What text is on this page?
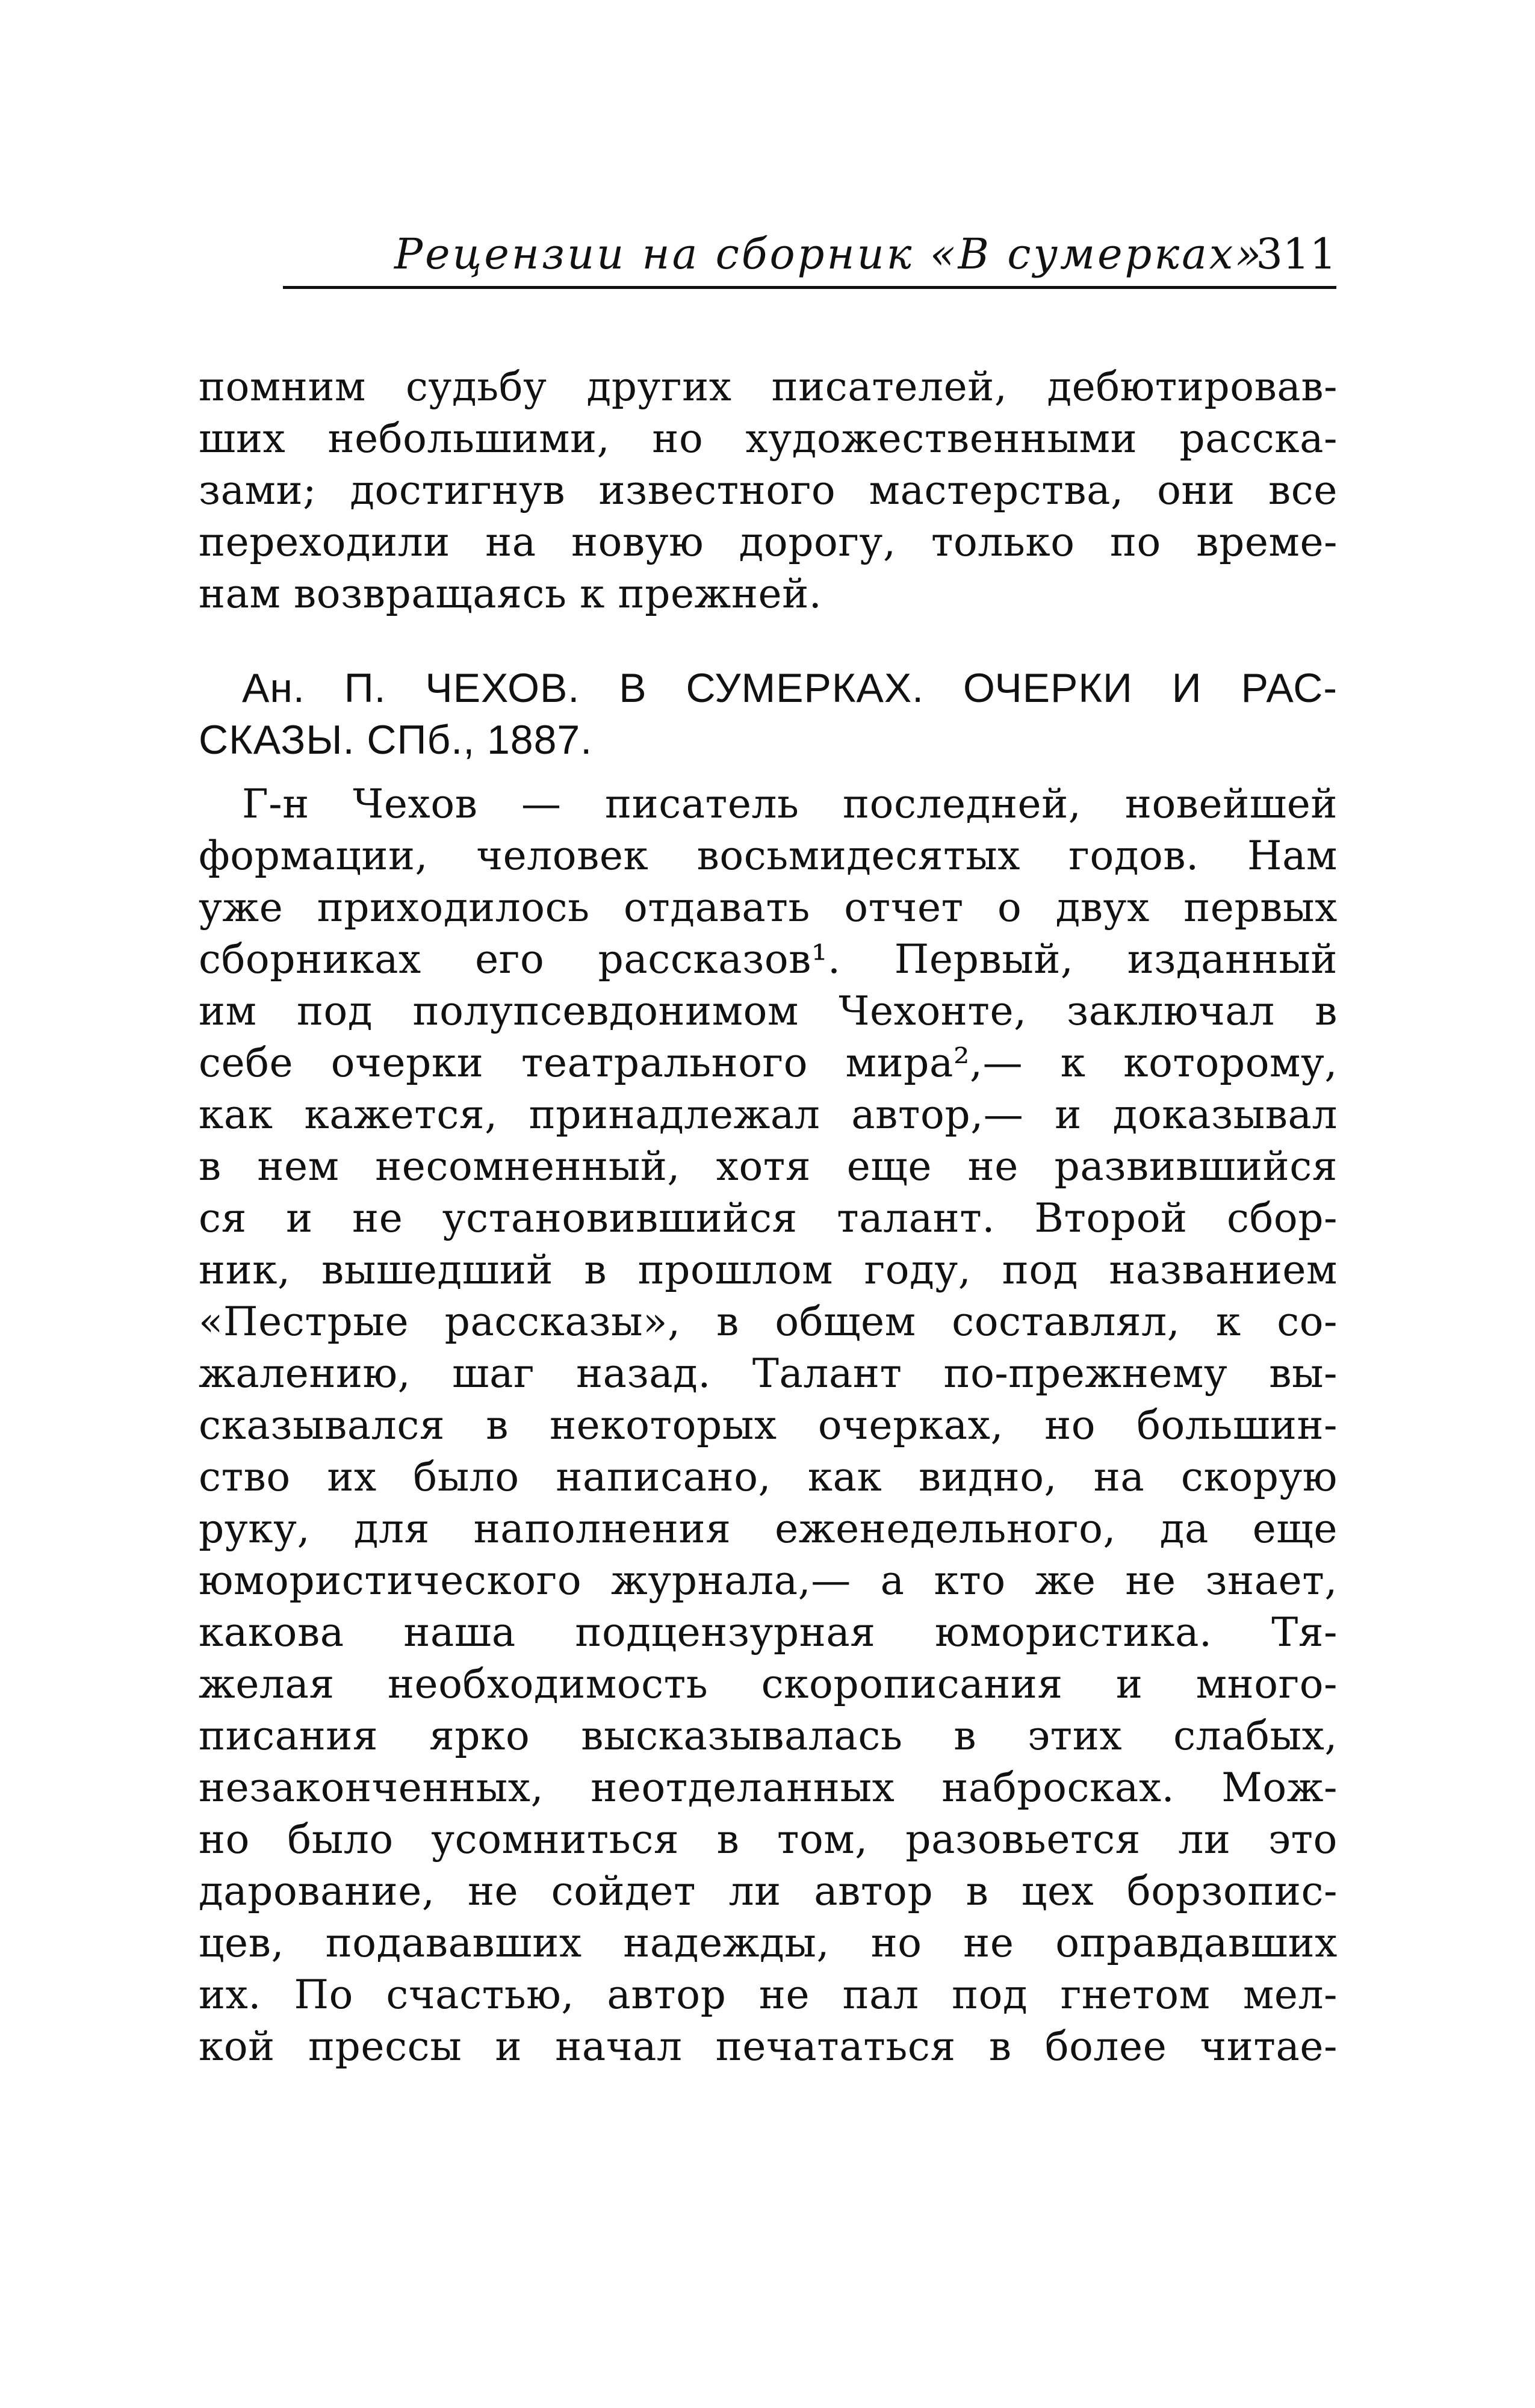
Рецензии на сборник «В сумерках»
311
помним судьбу других писателей, дебютировав-
ших небольшими, но художественными расска-
зами; достигнув известного мастерства, они все
переходили на новую дорогу, только по време-
нам возвращаясь к прежней.
Ан. П. ЧЕХОВ. В СУМЕРКАХ. ОЧЕРКИ И РАС-
СКАЗЫ. СПб., 1887.
Г-н Чехов — писатель последней, новейшей
формации, человек восьмидесятых годов. Нам
уже приходилось отдавать отчет о двух первых
сборниках его рассказов¹. Первый, изданный
им под полупсевдонимом Чехонте, заключал в
себе очерки театрального мира²,— к которому,
как кажется, принадлежал автор,— и доказывал
в нем несомненный, хотя еще не развившийся
ся и не установившийся талант. Второй сбор-
ник, вышедший в прошлом году, под названием
«Пестрые рассказы», в общем составлял, к со-
жалению, шаг назад. Талант по-прежнему вы-
сказывался в некоторых очерках, но большин-
ство их было написано, как видно, на скорую
руку, для наполнения еженедельного, да еще
юмористического журнала,— а кто же не знает,
какова наша подцензурная юмористика. Тя-
желая необходимость скорописания и много-
писания ярко высказывалась в этих слабых,
незаконченных, неотделанных набросках. Мож-
но было усомниться в том, разовьется ли это
дарование, не сойдет ли автор в цех борзопис-
цев, подававших надежды, но не оправдавших
их. По счастью, автор не пал под гнетом мел-
кой прессы и начал печататься в более читае-
